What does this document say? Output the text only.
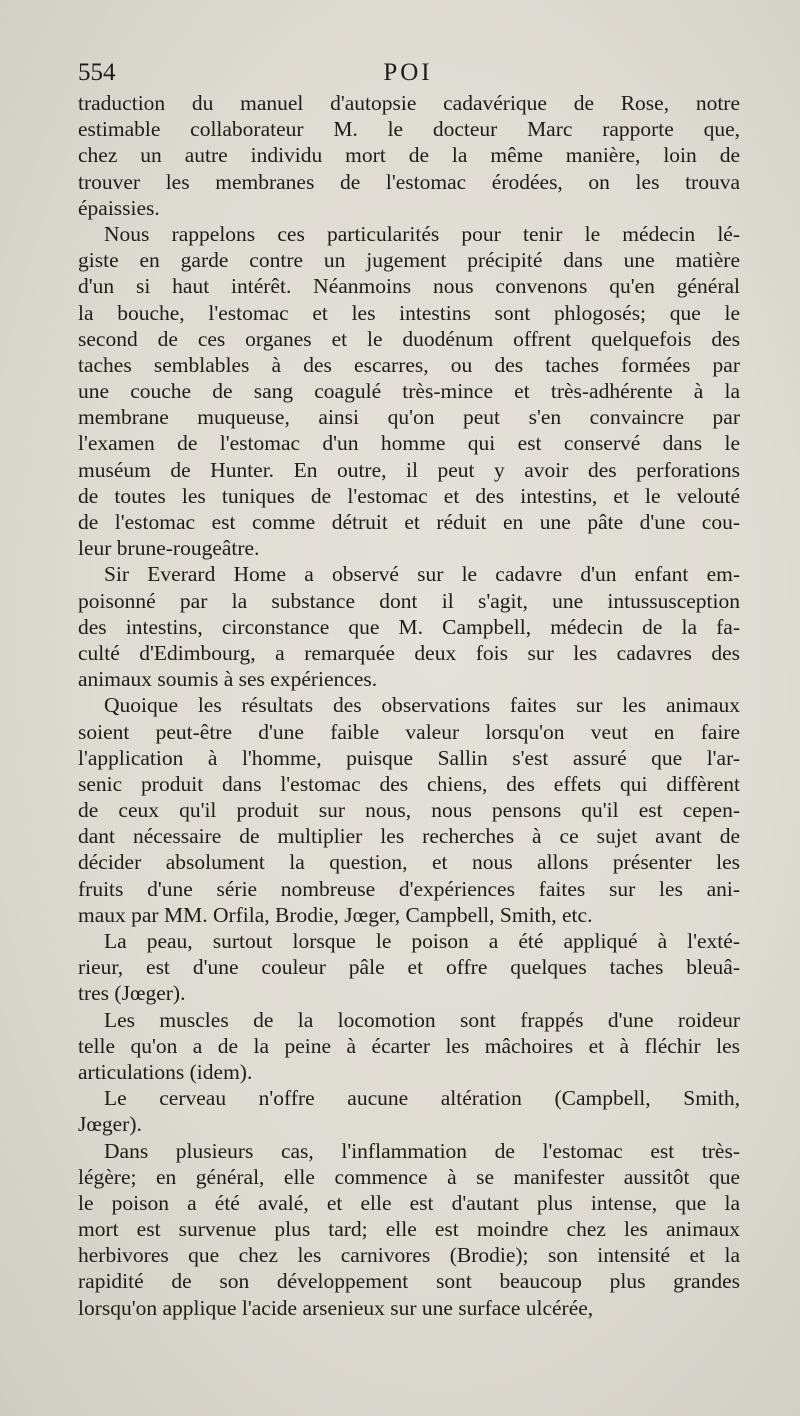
554	POI
traduction du manuel d'autopsie cadavérique de Rose, notre
estimable collaborateur M. le docteur Marc rapporte que,
chez un autre individu mort de la même manière, loin de
trouver les membranes de l'estomac érodées, on les trouva
épaissies.
Nous rappelons ces particularités pour tenir le médecin lé-
giste en garde contre un jugement précipité dans une matière
d'un si haut intérêt. Néanmoins nous convenons qu'en général
la bouche, l'estomac et les intestins sont phlogosés; que le
second de ces organes et le duodénum offrent quelquefois des
taches semblables à des escarres, ou des taches formées par
une couche de sang coagulé très-mince et très-adhérente à la
membrane muqueuse, ainsi qu'on peut s'en convaincre par
l'examen de l'estomac d'un homme qui est conservé dans le
muséum de Hunter. En outre, il peut y avoir des perforations
de toutes les tuniques de l'estomac et des intestins, et le velouté
de l'estomac est comme détruit et réduit en une pâte d'une cou-
leur brune-rougeâtre.
Sir Everard Home a observé sur le cadavre d'un enfant em-
poisonné par la substance dont il s'agit, une intussusception
des intestins, circonstance que M. Campbell, médecin de la fa-
culté d'Edimbourg, a remarquée deux fois sur les cadavres des
animaux soumis à ses expériences.
Quoique les résultats des observations faites sur les animaux
soient peut-être d'une faible valeur lorsqu'on veut en faire
l'application à l'homme, puisque Sallin s'est assuré que l'ar-
senic produit dans l'estomac des chiens, des effets qui diffèrent
de ceux qu'il produit sur nous, nous pensons qu'il est cepen-
dant nécessaire de multiplier les recherches à ce sujet avant de
décider absolument la question, et nous allons présenter les
fruits d'une série nombreuse d'expériences faites sur les ani-
maux par MM. Orfila, Brodie, Jœger, Campbell, Smith, etc.
La peau, surtout lorsque le poison a été appliqué à l'exté-
rieur, est d'une couleur pâle et offre quelques taches bleuâ-
tres (Jœger).
Les muscles de la locomotion sont frappés d'une roideur
telle qu'on a de la peine à écarter les mâchoires et à fléchir les
articulations (idem).
Le cerveau n'offre aucune altération (Campbell, Smith,
Jœger).
Dans plusieurs cas, l'inflammation de l'estomac est très-
légère; en général, elle commence à se manifester aussitôt que
le poison a été avalé, et elle est d'autant plus intense, que la
mort est survenue plus tard; elle est moindre chez les animaux
herbivores que chez les carnivores (Brodie); son intensité et la
rapidité de son développement sont beaucoup plus grandes
lorsqu'on applique l'acide arsenieux sur une surface ulcérée,
